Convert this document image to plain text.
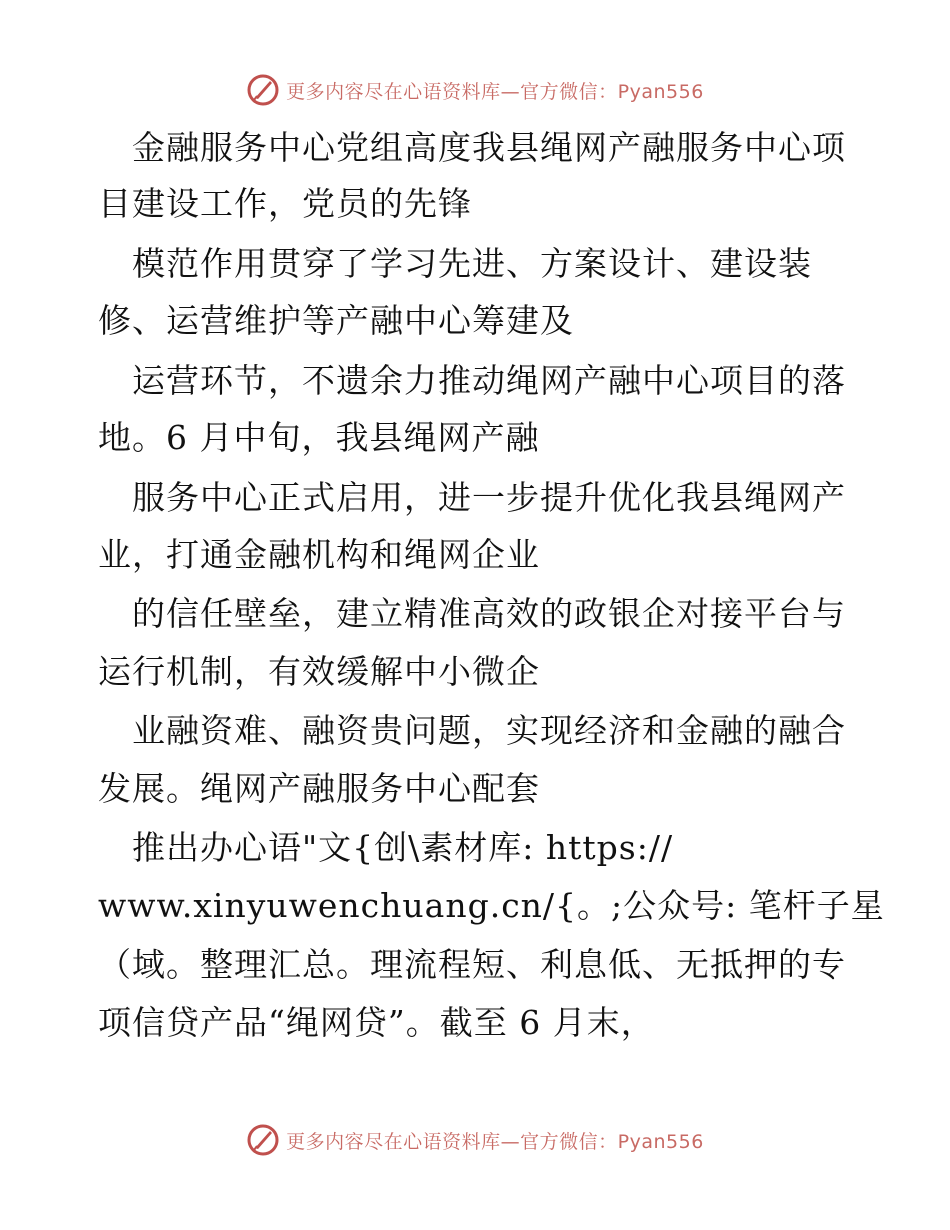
更多内容尽在心语资料库—官方微信：Pyan556
　金融服务中心党组高度我县绳网产融服务中心项
目建设工作，党员的先锋
　模范作用贯穿了学习先进、方案设计、建设装
修、运营维护等产融中心筹建及
　运营环节，不遗余力推动绳网产融中心项目的落
地。6 月中旬，我县绳网产融
　服务中心正式启用，进一步提升优化我县绳网产
业，打通金融机构和绳网企业
　的信任壁垒，建立精准高效的政银企对接平台与
运行机制，有效缓解中小微企
　业融资难、融资贵问题，实现经济和金融的融合
发展。绳网产融服务中心配套
　推出办心语"文{创\素材库: https://
www.xinyuwenchuang.cn/{。;公众号: 笔杆子星
（域。整理汇总。理流程短、利息低、无抵押的专
项信贷产品“绳网贷”。截至 6 月末，
更多内容尽在心语资料库—官方微信：Pyan556
